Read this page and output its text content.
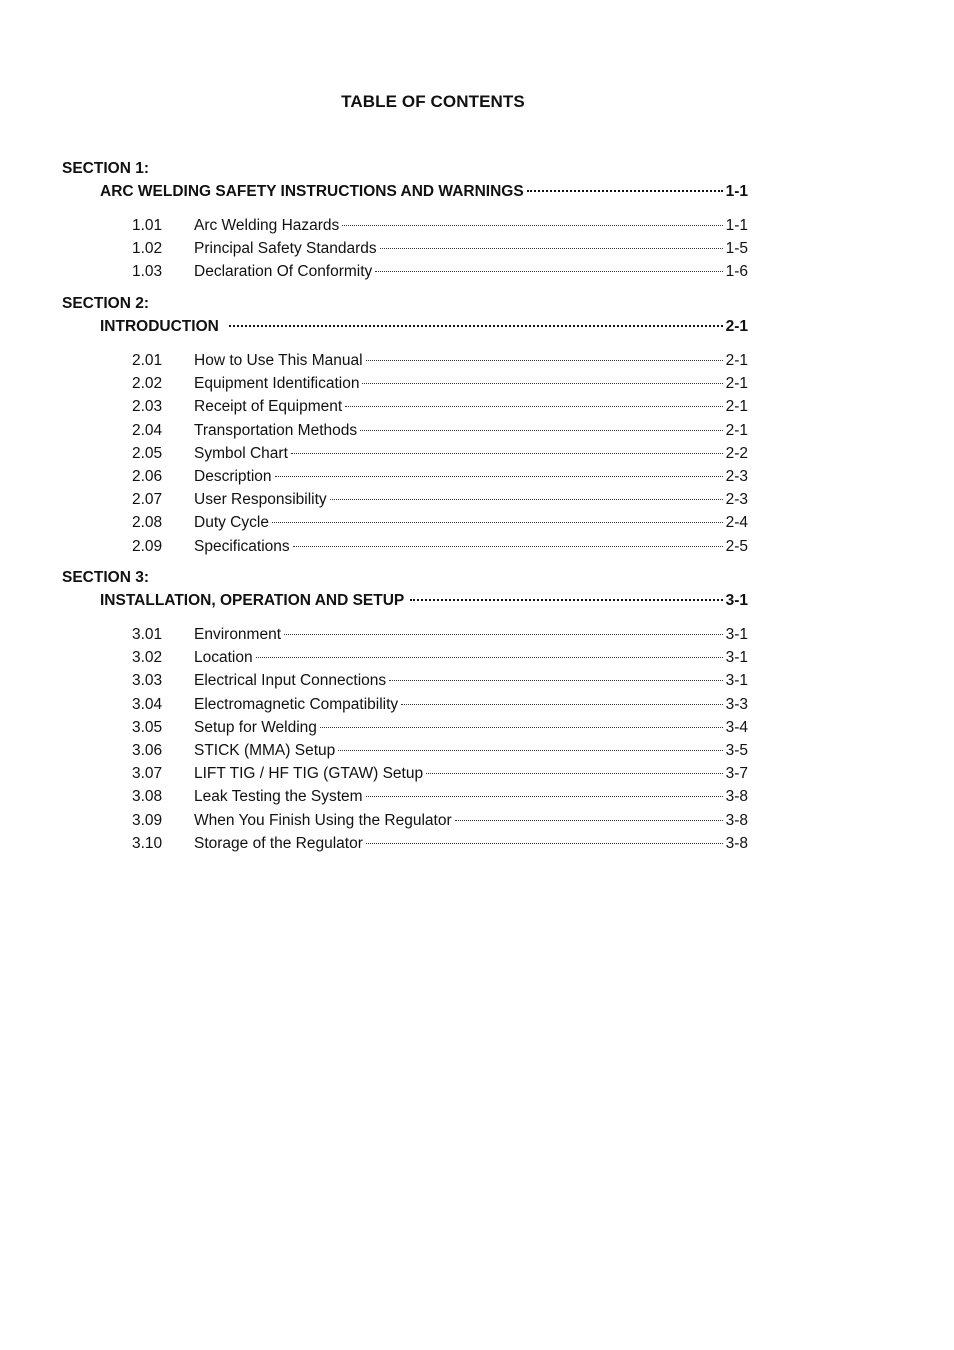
TABLE OF CONTENTS
SECTION 1:
ARC WELDING SAFETY INSTRUCTIONS AND WARNINGS	1-1
1.01	Arc Welding Hazards	1-1
1.02	Principal Safety Standards	1-5
1.03	Declaration Of Conformity	1-6
SECTION 2:
INTRODUCTION	2-1
2.01	How to Use This Manual	2-1
2.02	Equipment Identification	2-1
2.03	Receipt of Equipment	2-1
2.04	Transportation Methods	2-1
2.05	Symbol Chart	2-2
2.06	Description	2-3
2.07	User Responsibility	2-3
2.08	Duty Cycle	2-4
2.09	Specifications	2-5
SECTION 3:
INSTALLATION, OPERATION AND SETUP	3-1
3.01	Environment	3-1
3.02	Location	3-1
3.03	Electrical Input Connections	3-1
3.04	Electromagnetic Compatibility	3-3
3.05	Setup for Welding	3-4
3.06	STICK (MMA) Setup	3-5
3.07	LIFT TIG / HF TIG (GTAW) Setup	3-7
3.08	Leak Testing the System	3-8
3.09	When You Finish Using the Regulator	3-8
3.10	Storage of the Regulator	3-8
